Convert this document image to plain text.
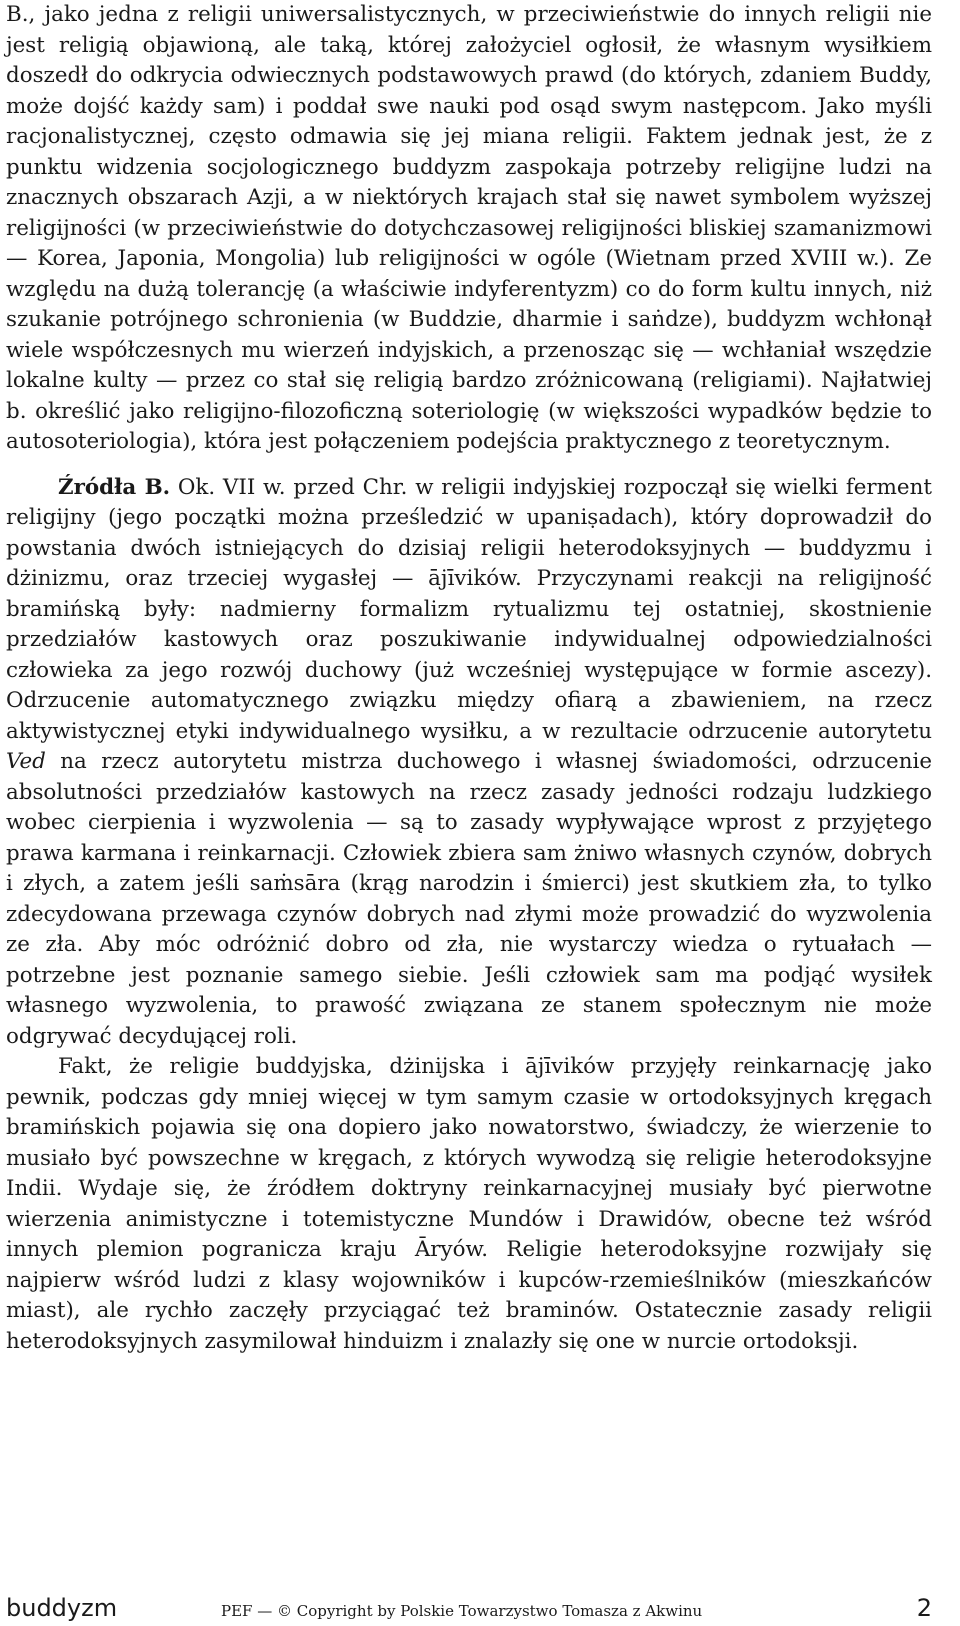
B., jako jedna z religii uniwersalistycznych, w przeciwieństwie do innych religii nie jest religią objawioną, ale taką, której założyciel ogłosił, że własnym wysiłkiem doszedł do odkrycia odwiecznych podstawowych prawd (do których, zdaniem Buddy, może dojść każdy sam) i poddał swe nauki pod osąd swym następcom. Jako myśli racjonalistycznej, często odmawia się jej miana religii. Faktem jednak jest, że z punktu widzenia socjologicznego buddyzm zaspokaja potrzeby religijne ludzi na znacznych obszarach Azji, a w niektórych krajach stał się nawet symbolem wyższej religijności (w przeciwieństwie do dotychczasowej religijności bliskiej szamanizmowi — Korea, Japonia, Mongolia) lub religijności w ogóle (Wietnam przed XVIII w.). Ze względu na dużą tolerancję (a właściwie indyferentyzm) co do form kultu innych, niż szukanie potrójnego schronienia (w Buddzie, dharmie i saṅdze), buddyzm wchłonął wiele współczesnych mu wierzeń indyjskich, a przenosząc się — wchłaniał wszędzie lokalne kulty — przez co stał się religią bardzo zróżnicowaną (religiami). Najłatwiej b. określić jako religijno-filozoficzną soteriologię (w większości wypadków będzie to autosoteriologia), która jest połączeniem podejścia praktycznego z teoretycznym.

Źródła B. Ok. VII w. przed Chr. w religii indyjskiej rozpoczął się wielki ferment religijny (jego początki można prześledzić w upaniṣadach), który doprowadził do powstania dwóch istniejących do dzisiaj religii heterodoksyjnych — buddyzmu i dżinizmu, oraz trzeciej wygasłej — ājīvików. Przyczynami reakcji na religijność bramińską były: nadmierny formalizm rytualizmu tej ostatniej, skostnienie przedziałów kastowych oraz poszukiwanie indywidualnej odpowiedzialności człowieka za jego rozwój duchowy (już wcześniej występujące w formie ascezy). Odrzucenie automatycznego związku między ofiarą a zbawieniem, na rzecz aktywistycznej etyki indywidualnego wysiłku, a w rezultacie odrzucenie autorytetu Ved na rzecz autorytetu mistrza duchowego i własnej świadomości, odrzucenie absolutności przedziałów kastowych na rzecz zasady jedności rodzaju ludzkiego wobec cierpienia i wyzwolenia — są to zasady wypływające wprost z przyjętego prawa karmana i reinkarnacji. Człowiek zbiera sam żniwo własnych czynów, dobrych i złych, a zatem jeśli saṁsāra (krąg narodzin i śmierci) jest skutkiem zła, to tylko zdecydowana przewaga czynów dobrych nad złymi może prowadzić do wyzwolenia ze zła. Aby móc odróżnić dobro od zła, nie wystarczy wiedza o rytuałach — potrzebne jest poznanie samego siebie. Jeśli człowiek sam ma podjąć wysiłek własnego wyzwolenia, to prawość związana ze stanem społecznym nie może odgrywać decydującej roli.

Fakt, że religie buddyjska, dżinijska i ājīvików przyjęły reinkarnację jako pewnik, podczas gdy mniej więcej w tym samym czasie w ortodoksyjnych kręgach bramińskich pojawia się ona dopiero jako nowatorstwo, świadczy, że wierzenie to musiało być powszechne w kręgach, z których wywodzą się religie heterodoksyjne Indii. Wydaje się, że źródłem doktryny reinkarnacyjnej musiały być pierwotne wierzenia animistyczne i totemistyczne Mundów i Drawidów, obecne też wśród innych plemion pogranicza kraju Āryów. Religie heterodoksyjne rozwijały się najpierw wśród ludzi z klasy wojowników i kupców-rzemieślników (mieszkańców miast), ale rychło zaczęły przyciągać też braminów. Ostatecznie zasady religii heterodoksyjnych zasymilował hinduizm i znalazły się one w nurcie ortodoksji.

buddyzm	PEF — © Copyright by Polskie Towarzystwo Tomasza z Akwinu	2
